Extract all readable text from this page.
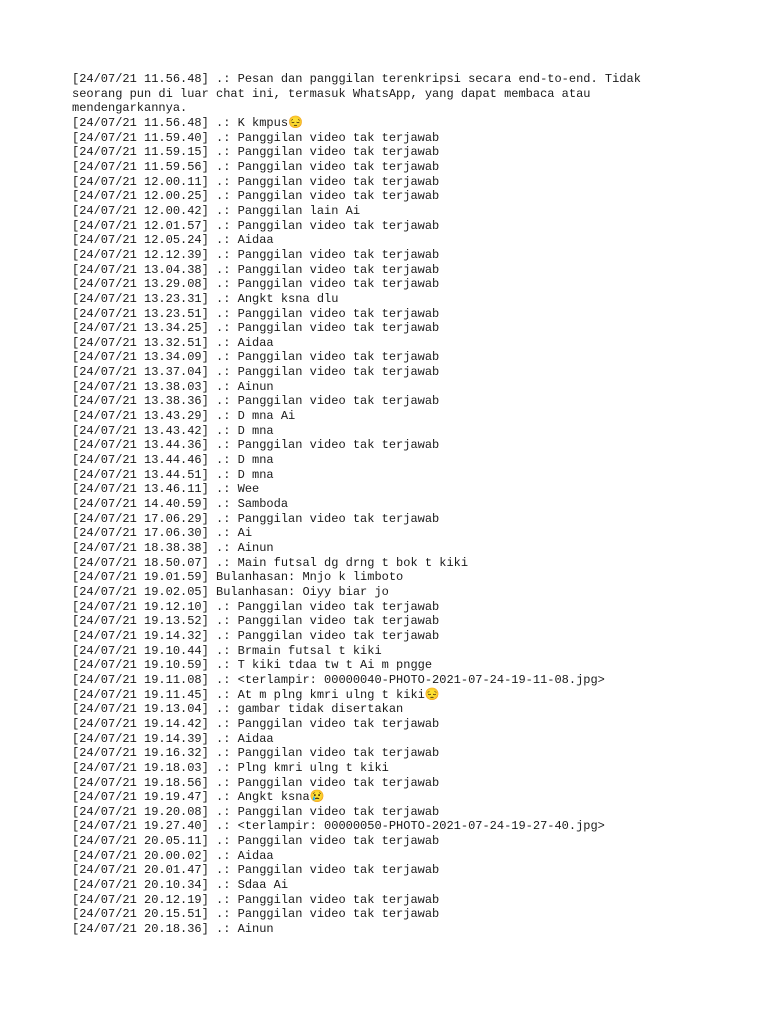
[24/07/21 11.56.48] .: Pesan dan panggilan terenkripsi secara end-to-end. Tidak seorang pun di luar chat ini, termasuk WhatsApp, yang dapat membaca atau mendengarkannya.

[24/07/21 11.56.48] .: K kmpus😔

[24/07/21 11.59.40] .: Panggilan video tak terjawab

[24/07/21 11.59.15] .: Panggilan video tak terjawab

[24/07/21 11.59.56] .: Panggilan video tak terjawab

[24/07/21 12.00.11] .: Panggilan video tak terjawab

[24/07/21 12.00.25] .: Panggilan video tak terjawab

[24/07/21 12.00.42] .: Panggilan lain Ai

[24/07/21 12.01.57] .: Panggilan video tak terjawab

[24/07/21 12.05.24] .: Aidaa

[24/07/21 12.12.39] .: Panggilan video tak terjawab

[24/07/21 13.04.38] .: Panggilan video tak terjawab

[24/07/21 13.29.08] .: Panggilan video tak terjawab

[24/07/21 13.23.31] .: Angkt ksna dlu

[24/07/21 13.23.51] .: Panggilan video tak terjawab

[24/07/21 13.34.25] .: Panggilan video tak terjawab

[24/07/21 13.32.51] .: Aidaa

[24/07/21 13.34.09] .: Panggilan video tak terjawab

[24/07/21 13.37.04] .: Panggilan video tak terjawab

[24/07/21 13.38.03] .: Ainun

[24/07/21 13.38.36] .: Panggilan video tak terjawab

[24/07/21 13.43.29] .: D mna Ai

[24/07/21 13.43.42] .: D mna

[24/07/21 13.44.36] .: Panggilan video tak terjawab

[24/07/21 13.44.46] .: D mna

[24/07/21 13.44.51] .: D mna

[24/07/21 13.46.11] .: Wee

[24/07/21 14.40.59] .: Samboda

[24/07/21 17.06.29] .: Panggilan video tak terjawab

[24/07/21 17.06.30] .: Ai

[24/07/21 18.38.38] .: Ainun

[24/07/21 18.50.07] .: Main futsal dg drng t bok t kiki

[24/07/21 19.01.59] Bulanhasan: Mnjo k limboto

[24/07/21 19.02.05] Bulanhasan: Oiyy biar jo

[24/07/21 19.12.10] .: Panggilan video tak terjawab

[24/07/21 19.13.52] .: Panggilan video tak terjawab

[24/07/21 19.14.32] .: Panggilan video tak terjawab

[24/07/21 19.10.44] .: Brmain futsal t kiki

[24/07/21 19.10.59] .: T kiki tdaa tw t Ai m pngge

[24/07/21 19.11.08] .: <terlampir: 00000040-PHOTO-2021-07-24-19-11-08.jpg>

[24/07/21 19.11.45] .: At m plng kmri ulng t kiki😔

[24/07/21 19.13.04] .: gambar tidak disertakan

[24/07/21 19.14.42] .: Panggilan video tak terjawab

[24/07/21 19.14.39] .: Aidaa

[24/07/21 19.16.32] .: Panggilan video tak terjawab

[24/07/21 19.18.03] .: Plng kmri ulng t kiki

[24/07/21 19.18.56] .: Panggilan video tak terjawab

[24/07/21 19.19.47] .: Angkt ksna😢

[24/07/21 19.20.08] .: Panggilan video tak terjawab

[24/07/21 19.27.40] .: <terlampir: 00000050-PHOTO-2021-07-24-19-27-40.jpg>

[24/07/21 20.05.11] .: Panggilan video tak terjawab

[24/07/21 20.00.02] .: Aidaa

[24/07/21 20.01.47] .: Panggilan video tak terjawab

[24/07/21 20.10.34] .: Sdaa Ai

[24/07/21 20.12.19] .: Panggilan video tak terjawab

[24/07/21 20.15.51] .: Panggilan video tak terjawab

[24/07/21 20.18.36] .: Ainun
